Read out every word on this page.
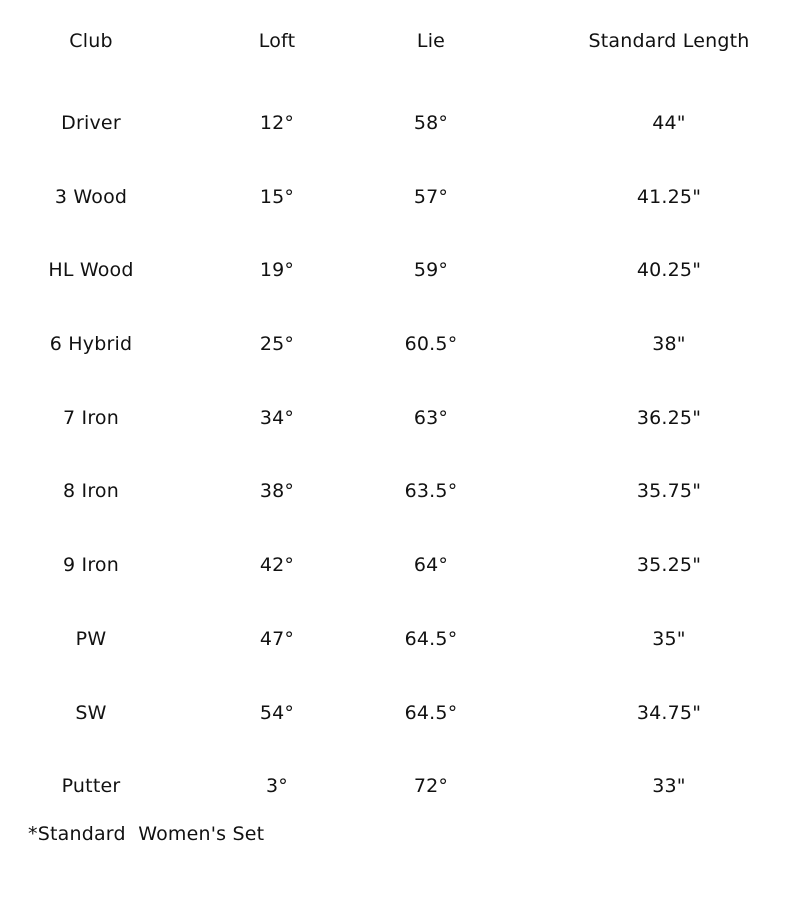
Club	Loft	Lie	Standard Length
Driver	12°	58°	44"
3 Wood	15°	57°	41.25"
HL Wood	19°	59°	40.25"
6 Hybrid	25°	60.5°	38"
7 Iron	34°	63°	36.25"
8 Iron	38°	63.5°	35.75"
9 Iron	42°	64°	35.25"
PW	47°	64.5°	35"
SW	54°	64.5°	34.75"
Putter	3°	72°	33"
*Standard  Women's Set
